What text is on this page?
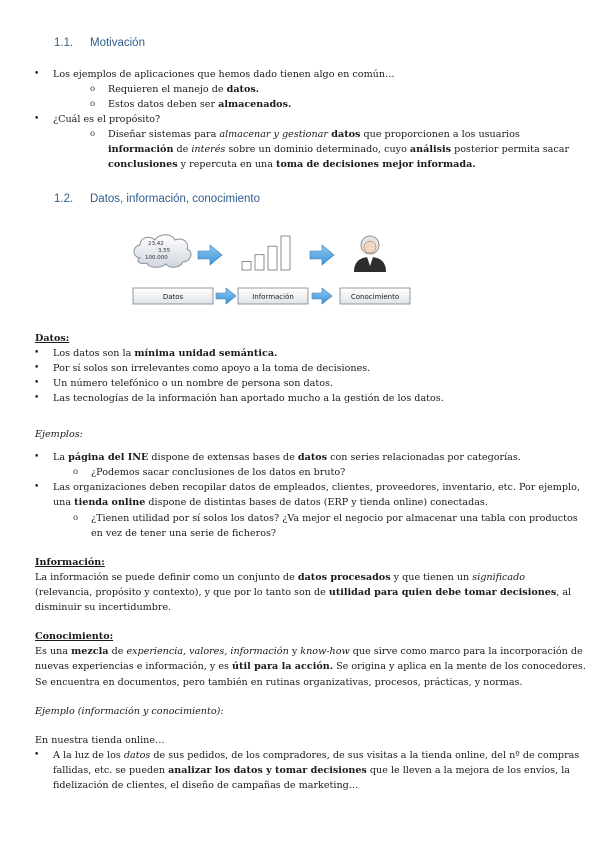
1.1. Motivación
• Los ejemplos de aplicaciones que hemos dado tienen algo en común…
o Requieren el manejo de datos.
o Estos datos deben ser almacenados.
• ¿Cuál es el propósito?
o Diseñar sistemas para almacenar y gestionar datos que proporcionen a los usuarios
información de interés sobre un dominio determinado, cuyo análisis posterior permita sacar
conclusiones y repercuta en una toma de decisiones mejor informada.
1.2. Datos, información, conocimiento
23,42
3,55
100.000
Datos	Información	Conocimiento
Datos:
• Los datos son la mínima unidad semántica.
• Por sí solos son irrelevantes como apoyo a la toma de decisiones.
• Un número telefónico o un nombre de persona son datos.
• Las tecnologías de la información han aportado mucho a la gestión de los datos.
Ejemplos:
• La página del INE dispone de extensas bases de datos con series relacionadas por categorías.
o ¿Podemos sacar conclusiones de los datos en bruto?
• Las organizaciones deben recopilar datos de empleados, clientes, proveedores, inventario, etc. Por ejemplo,
una tienda online dispone de distintas bases de datos (ERP y tienda online) conectadas.
o ¿Tienen utilidad por sí solos los datos? ¿Va mejor el negocio por almacenar una tabla con productos
en vez de tener una serie de ficheros?
Información:
La información se puede definir como un conjunto de datos procesados y que tienen un significado
(relevancia, propósito y contexto), y que por lo tanto son de utilidad para quien debe tomar decisiones, al
disminuir su incertidumbre.
Conocimiento:
Es una mezcla de experiencia, valores, información y know-how que sirve como marco para la incorporación de
nuevas experiencias e información, y es útil para la acción. Se origina y aplica en la mente de los conocedores.
Se encuentra en documentos, pero también en rutinas organizativas, procesos, prácticas, y normas.
Ejemplo (información y conocimiento):
En nuestra tienda online…
• A la luz de los datos de sus pedidos, de los compradores, de sus visitas a la tienda online, del nº de compras
fallidas, etc. se pueden analizar los datos y tomar decisiones que le lleven a la mejora de los envíos, la
fidelización de clientes, el diseño de campañas de marketing…
